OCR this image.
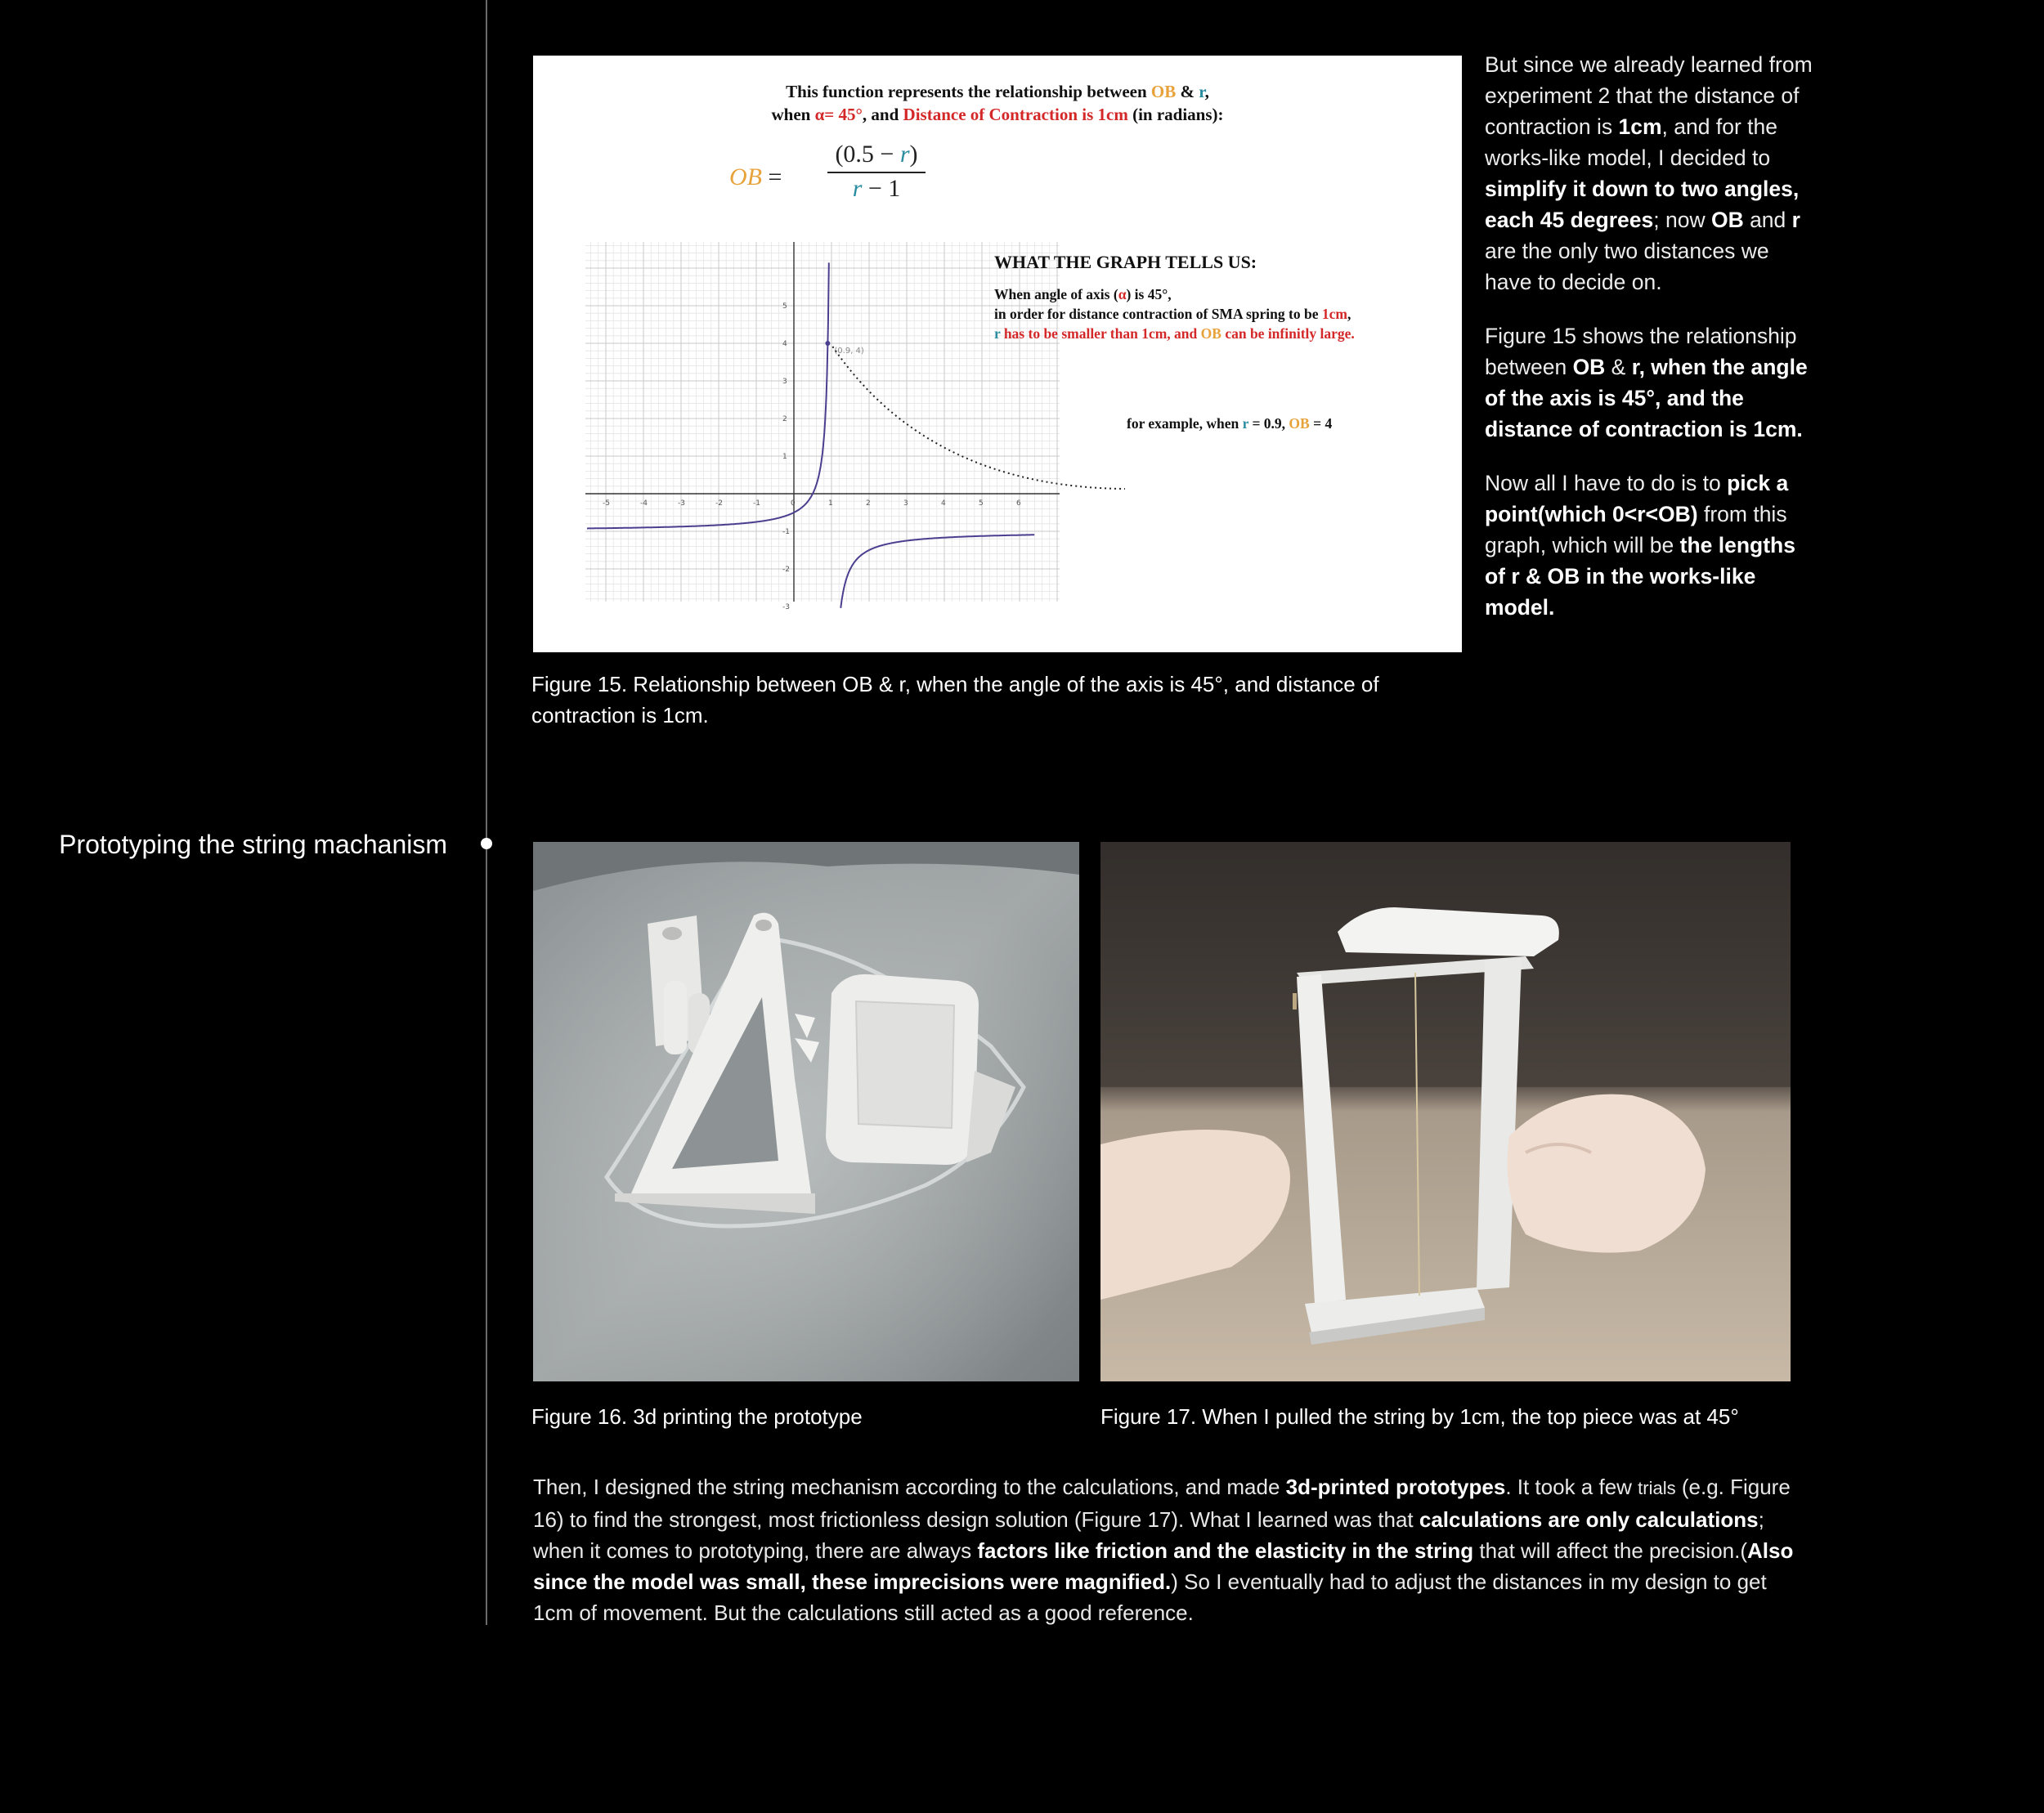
Prototyping the string machanism
This function represents the relationship between OB & r,
when α= 45°, and Distance of Contraction is 1cm (in radians):
OB = $\frac{(0.5 - r)}{r - 1}$
-5	-4	-3	-2	-1	0	1	2	3	4	5	6
5
4
3
2
1
-1
-2
-3
(0.9, 4)
WHAT THE GRAPH TELLS US:
When angle of axis (α) is 45°,
in order for distance contraction of SMA spring to be 1cm,
r has to be smaller than 1cm, and OB can be infinitly large.
for example, when r = 0.9, OB = 4
Figure 15. Relationship between OB & r, when the angle of the axis is 45°, and distance of contraction is 1cm.

But since we already learned from experiment 2 that the distance of contraction is 1cm, and for the works-like model, I decided to simplify it down to two angles, each 45 degrees; now OB and r are the only two distances we have to decide on.

Figure 15 shows the relationship between OB & r, when the angle of the axis is 45°, and the distance of contraction is 1cm.

Now all I have to do is to pick a point(which 0<r<OB) from this graph, which will be the lengths of r & OB in the works-like model.

Figure 16. 3d printing the prototype	Figure 17. When I pulled the string by 1cm, the top piece was at 45°
Then, I designed the string mechanism according to the calculations, and made 3d-printed prototypes. It took a few trials (e.g. Figure 16) to find the strongest, most frictionless design solution (Figure 17). What I learned was that calculations are only calculations; when it comes to prototyping, there are always factors like friction and the elasticity in the string that will affect the precision.(Also since the model was small, these imprecisions were magnified.) So I eventually had to adjust the distances in my design to get 1cm of movement. But the calculations still acted as a good reference.
